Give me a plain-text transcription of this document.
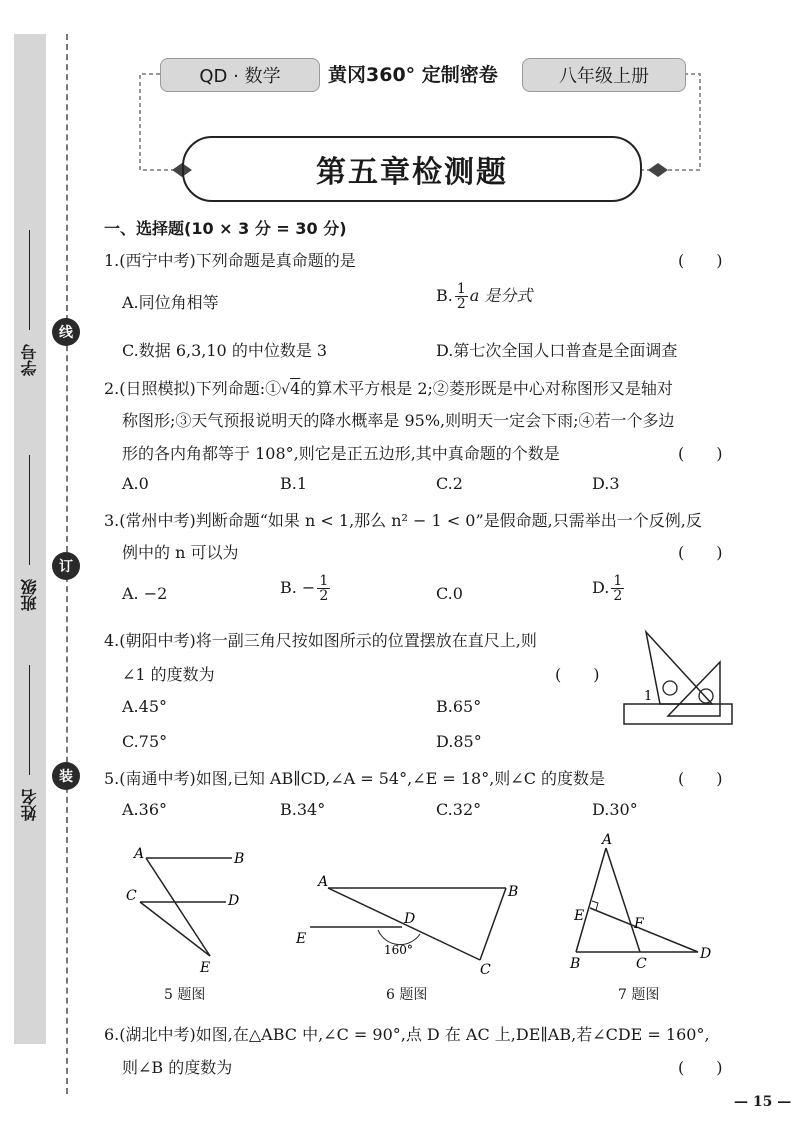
学号
班级
姓名
线
订
装
QD · 数学	黄冈360° 定制密卷	八年级上册
第五章检测题
一、选择题(10 × 3 分 = 30 分)
1.(西宁中考)下列命题是真命题的是	(　　)
A.同位角相等	B. $\frac{1}{2}$ a 是分式
C.数据 6,3,10 的中位数是 3	D.第七次全国人口普查是全面调查
2.(日照模拟)下列命题:①√4的算术平方根是 2;②菱形既是中心对称图形又是轴对
称图形;③天气预报说明天的降水概率是 95%,则明天一定会下雨;④若一个多边
形的各内角都等于 108°,则它是正五边形,其中真命题的个数是	(　　)
A.0	B.1	C.2	D.3
3.(常州中考)判断命题“如果 n < 1,那么 n² − 1 < 0”是假命题,只需举出一个反例,反
例中的 n 可以为	(　　)
A. −2	B. − $\frac{1}{2}$	C.0	D. $\frac{1}{2}$
4.(朝阳中考)将一副三角尺按如图所示的位置摆放在直尺上,则
∠1 的度数为	(　　)
A.45°	B.65°
C.75°	D.85°
1
5.(南通中考)如图,已知 AB∥CD,∠A = 54°,∠E = 18°,则∠C 的度数是	(　　)
A.36°	B.34°	C.32°	D.30°
A	B
C	D
E
5 题图
A
B
D
E
C
160°
6 题图
A
E	F
B	C
D
7 题图
6.(湖北中考)如图,在△ABC 中,∠C = 90°,点 D 在 AC 上,DE∥AB,若∠CDE = 160°,
则∠B 的度数为	(　　)
— 15 —
